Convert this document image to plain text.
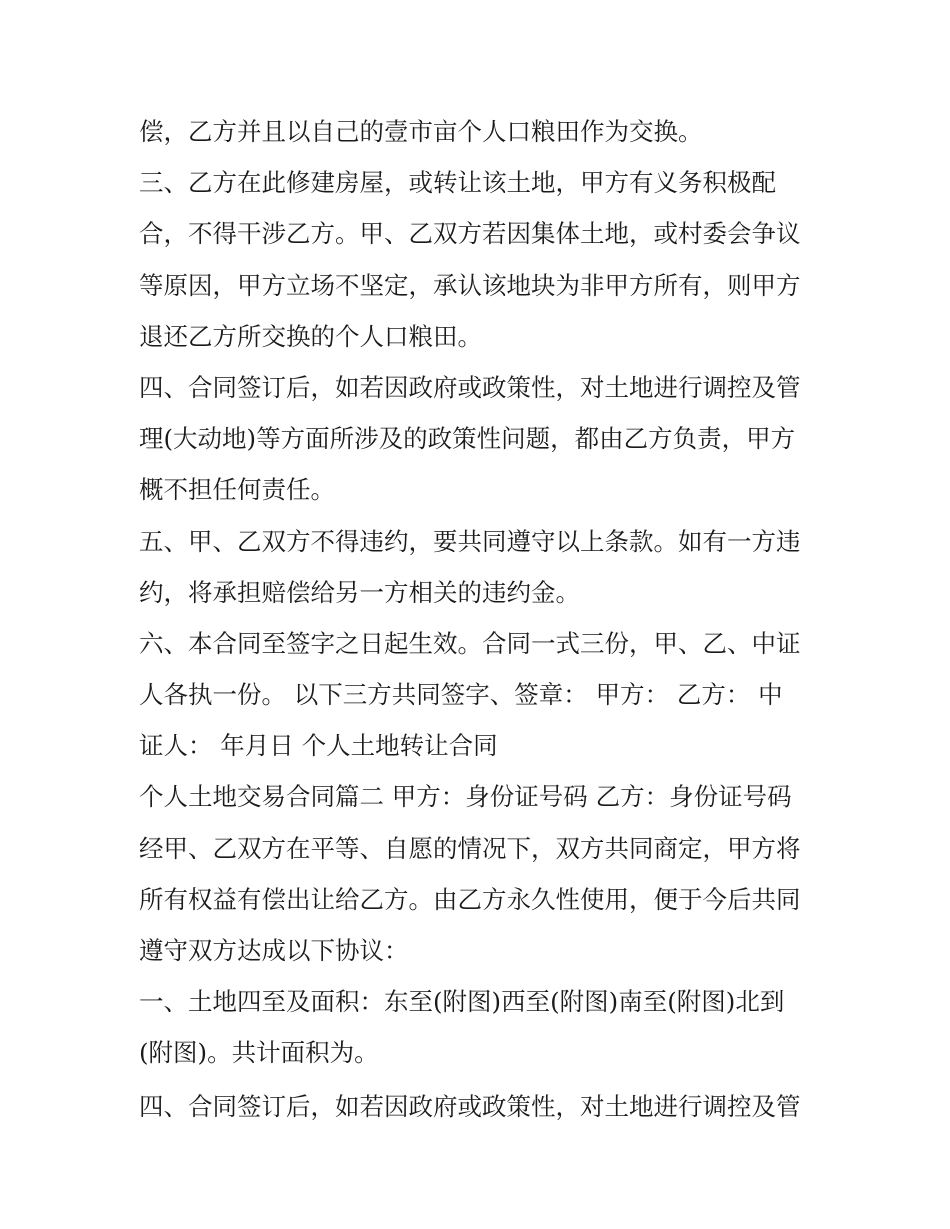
偿，乙方并且以自己的壹市亩个人口粮田作为交换。
三、乙方在此修建房屋，或转让该土地，甲方有义务积极配
合，不得干涉乙方。甲、乙双方若因集体土地，或村委会争议
等原因，甲方立场不坚定，承认该地块为非甲方所有，则甲方
退还乙方所交换的个人口粮田。
四、合同签订后，如若因政府或政策性，对土地进行调控及管
理(大动地)等方面所涉及的政策性问题，都由乙方负责，甲方
概不担任何责任。
五、甲、乙双方不得违约，要共同遵守以上条款。如有一方违
约，将承担赔偿给另一方相关的违约金。
六、本合同至签字之日起生效。合同一式三份，甲、乙、中证
人各执一份。 以下三方共同签字、签章： 甲方： 乙方： 中
证人： 年月日 个人土地转让合同
个人土地交易合同篇二 甲方：身份证号码 乙方：身份证号码
经甲、乙双方在平等、自愿的情况下，双方共同商定，甲方将
所有权益有偿出让给乙方。由乙方永久性使用，便于今后共同
遵守双方达成以下协议：
一、土地四至及面积：东至(附图)西至(附图)南至(附图)北到
(附图)。共计面积为。
四、合同签订后，如若因政府或政策性，对土地进行调控及管
